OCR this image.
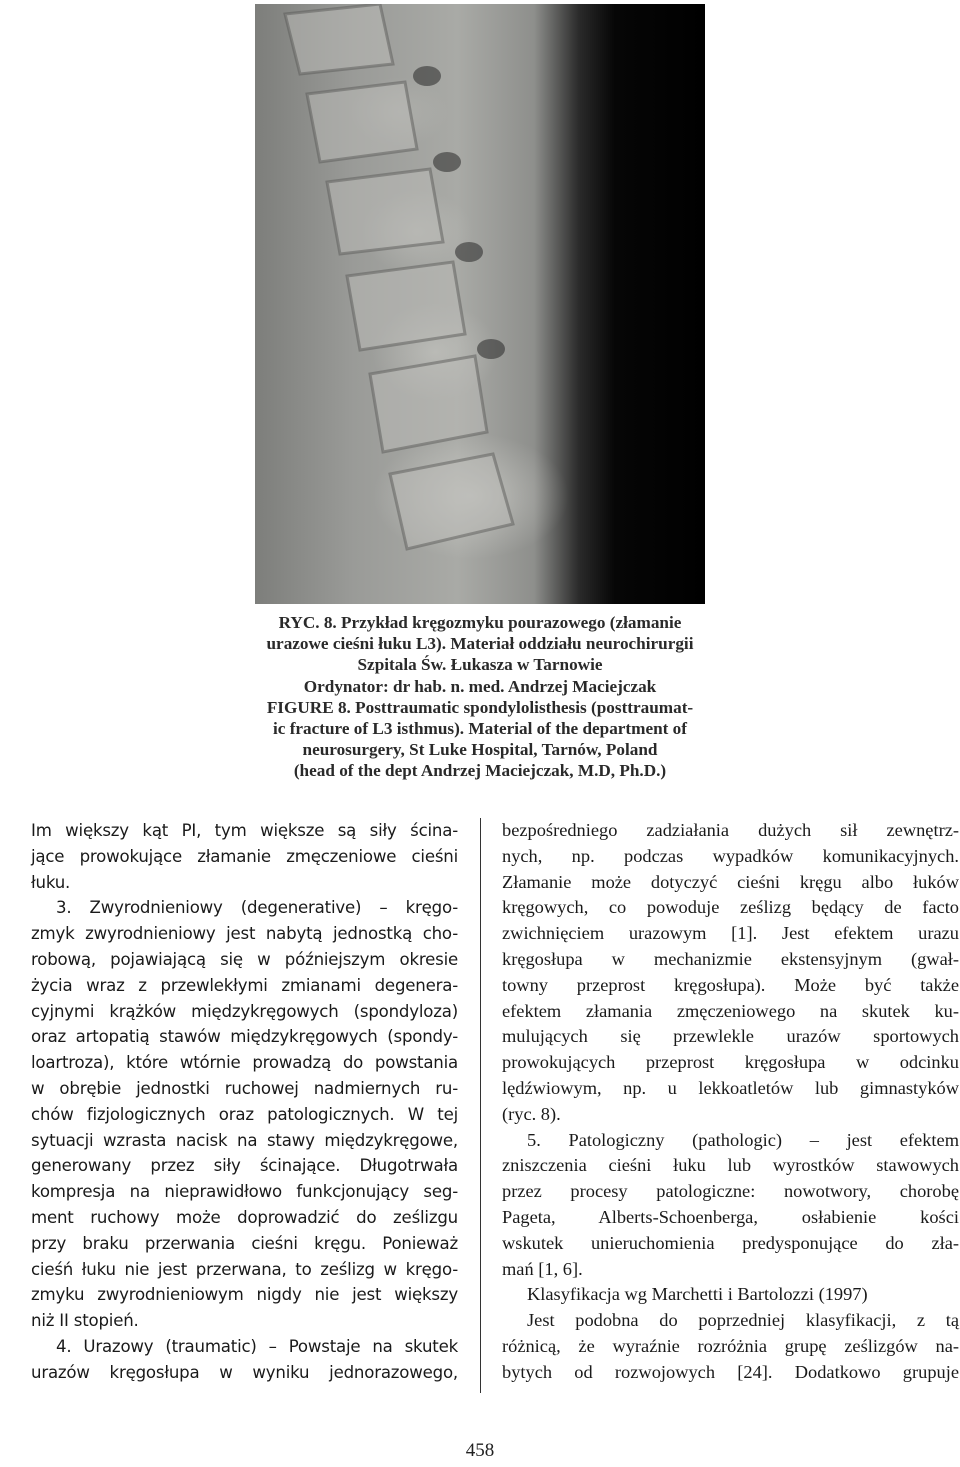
RYC. 8. Przykład kręgozmyku pourazowego (złamanie
urazowe cieśni łuku L3). Materiał oddziału neurochirurgii
Szpitala Św. Łukasza w Tarnowie
Ordynator: dr hab. n. med. Andrzej Maciejczak
FIGURE 8. Posttraumatic spondylolisthesis (posttraumat-
ic fracture of L3 isthmus). Material of the department of
neurosurgery, St Luke Hospital, Tarnów, Poland
(head of the dept Andrzej Maciejczak, M.D, Ph.D.)
Im większy kąt PI, tym większe są siły ścina-
jące prowokujące złamanie zmęczeniowe cieśni
łuku.
3. Zwyrodnieniowy (degenerative) – kręgo-
zmyk zwyrodnieniowy jest nabytą jednostką cho-
robową, pojawiającą się w późniejszym okresie
życia wraz z przewlekłymi zmianami degenera-
cyjnymi krążków międzykręgowych (spondyloza)
oraz artopatią stawów międzykręgowych (spondy-
loartroza), które wtórnie prowadzą do powstania
w obrębie jednostki ruchowej nadmiernych ru-
chów fizjologicznych oraz patologicznych. W tej
sytuacji wzrasta nacisk na stawy międzykręgowe,
generowany przez siły ścinające. Długotrwała
kompresja na nieprawidłowo funkcjonujący seg-
ment ruchowy może doprowadzić do ześlizgu
przy braku przerwania cieśni kręgu. Ponieważ
cieśń łuku nie jest przerwana, to ześlizg w kręgo-
zmyku zwyrodnieniowym nigdy nie jest większy
niż II stopień.
4. Urazowy (traumatic) – Powstaje na skutek
urazów kręgosłupa w wyniku jednorazowego,
bezpośredniego zadziałania dużych sił zewnętrz-
nych, np. podczas wypadków komunikacyjnych.
Złamanie może dotyczyć cieśni kręgu albo łuków
kręgowych, co powoduje ześlizg będący de facto
zwichnięciem urazowym [1]. Jest efektem urazu
kręgosłupa w mechanizmie ekstensyjnym (gwał-
towny przeprost kręgosłupa). Może być także
efektem złamania zmęczeniowego na skutek ku-
mulujących się przewlekle urazów sportowych
prowokujących przeprost kręgosłupa w odcinku
lędźwiowym, np. u lekkoatletów lub gimnastyków
(ryc. 8).
5. Patologiczny (pathologic) – jest efektem
zniszczenia cieśni łuku lub wyrostków stawowych
przez procesy patologiczne: nowotwory, chorobę
Pageta, Alberts-Schoenberga, osłabienie kości
wskutek unieruchomienia predysponujące do zła-
mań [1, 6].
Klasyfikacja wg Marchetti i Bartolozzi (1997)
Jest podobna do poprzedniej klasyfikacji, z tą
różnicą, że wyraźnie rozróżnia grupę ześlizgów na-
bytych od rozwojowych [24]. Dodatkowo grupuje
458
